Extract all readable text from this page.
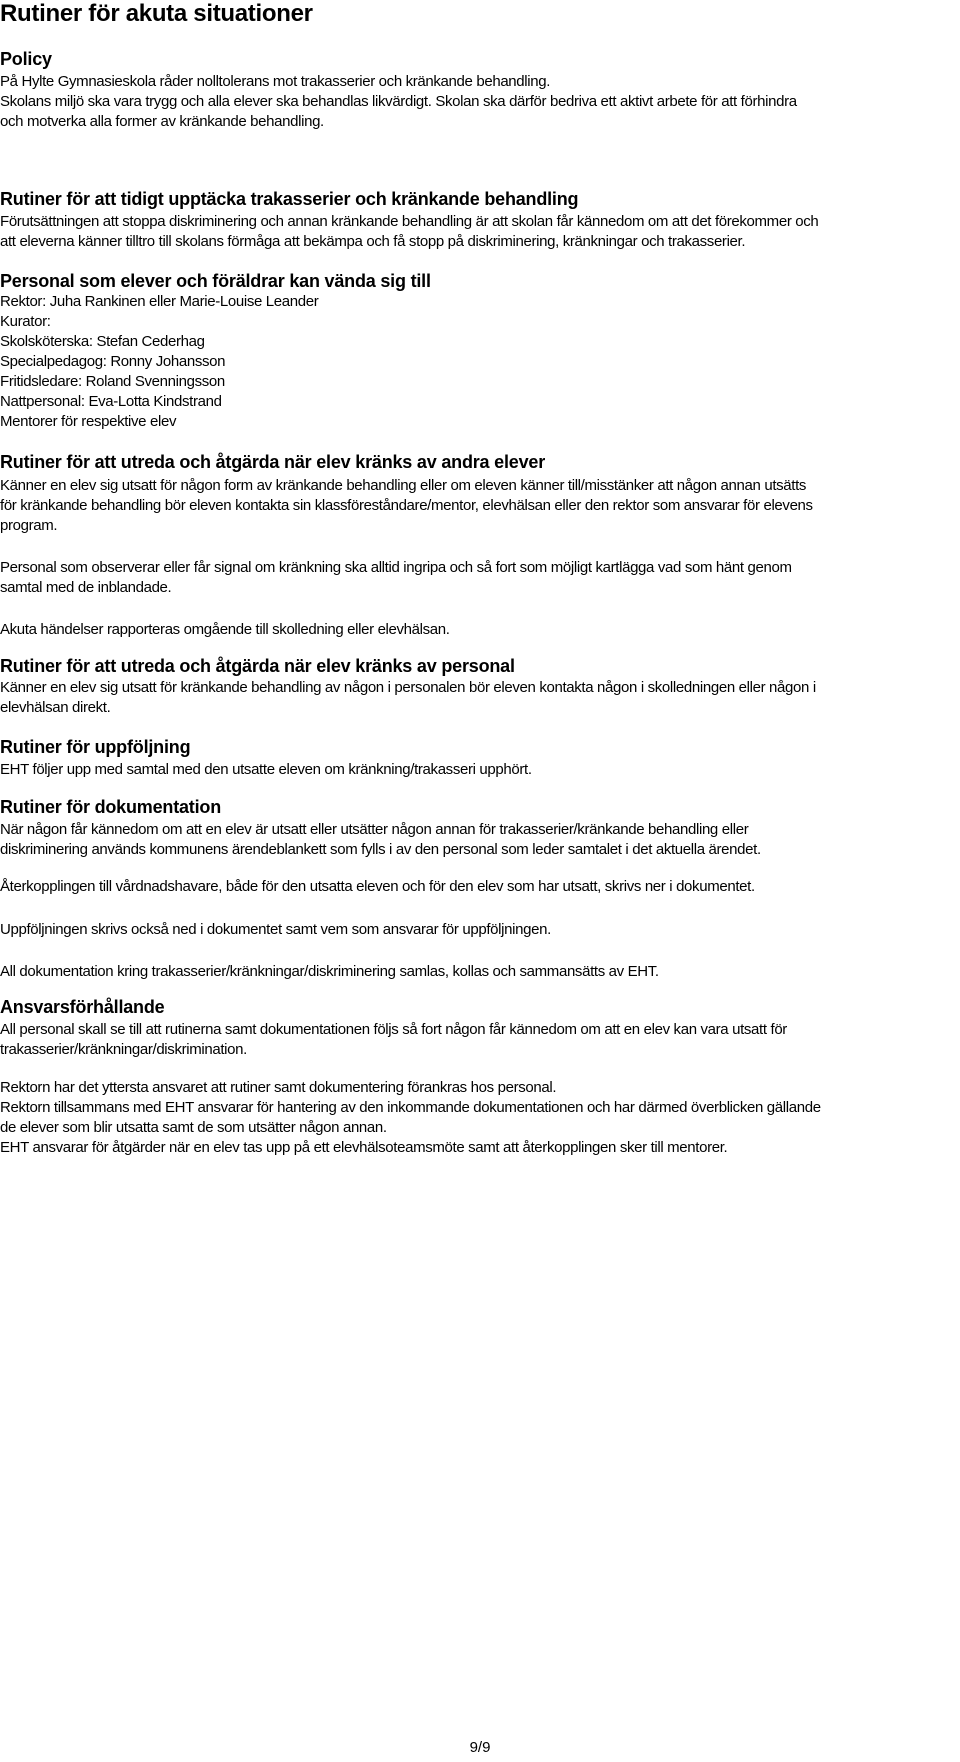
Rutiner för akuta situationer
Policy
På Hylte Gymnasieskola råder nolltolerans mot trakasserier och kränkande behandling.
Skolans miljö ska vara trygg och alla elever ska behandlas likvärdigt. Skolan ska därför bedriva ett aktivt arbete för att förhindra
och motverka alla former av kränkande behandling.
Rutiner för att tidigt upptäcka trakasserier och kränkande behandling
Förutsättningen att stoppa diskriminering och annan kränkande behandling är att skolan får kännedom om att det förekommer och
att eleverna känner tilltro till skolans förmåga att bekämpa och få stopp på diskriminering, kränkningar och trakasserier.
Personal som elever och föräldrar kan vända sig till
Rektor: Juha Rankinen eller Marie-Louise Leander
Kurator:
Skolsköterska: Stefan Cederhag
Specialpedagog: Ronny Johansson
Fritidsledare: Roland Svenningsson
Nattpersonal: Eva-Lotta Kindstrand
Mentorer för respektive elev
Rutiner för att utreda och åtgärda när elev kränks av andra elever
Känner en elev sig utsatt för någon form av kränkande behandling eller om eleven känner till/misstänker att någon annan utsätts
för kränkande behandling bör eleven kontakta sin klassföreståndare/mentor, elevhälsan eller den rektor som ansvarar för elevens
program.
Personal som observerar eller får signal om kränkning ska alltid ingripa och så fort som möjligt kartlägga vad som hänt genom
samtal med de inblandade.
Akuta händelser rapporteras omgående till skolledning eller elevhälsan.
Rutiner för att utreda och åtgärda när elev kränks av personal
Känner en elev sig utsatt för kränkande behandling av någon i personalen bör eleven kontakta någon i skolledningen eller någon i
elevhälsan direkt.
Rutiner för uppföljning
EHT följer upp med samtal med den utsatte eleven om kränkning/trakasseri upphört.
Rutiner för dokumentation
När någon får kännedom om att en elev är utsatt eller utsätter någon annan för trakasserier/kränkande behandling eller
diskriminering används kommunens ärendeblankett som fylls i av den personal som leder samtalet i det aktuella ärendet.
Återkopplingen till vårdnadshavare, både för den utsatta eleven och för den elev som har utsatt, skrivs ner i dokumentet.
Uppföljningen skrivs också ned i dokumentet samt vem som ansvarar för uppföljningen.
All dokumentation kring trakasserier/kränkningar/diskriminering samlas, kollas och sammansätts av EHT.
Ansvarsförhållande
All personal skall se till att rutinerna samt dokumentationen följs så fort någon får kännedom om att en elev kan vara utsatt för
trakasserier/kränkningar/diskrimination.
Rektorn har det yttersta ansvaret att rutiner samt dokumentering förankras hos personal.
Rektorn tillsammans med EHT ansvarar för hantering av den inkommande dokumentationen och har därmed överblicken gällande
de elever som blir utsatta samt de som utsätter någon annan.
EHT ansvarar för åtgärder när en elev tas upp på ett elevhälsoteamsmöte samt att återkopplingen sker till mentorer.
9/9
